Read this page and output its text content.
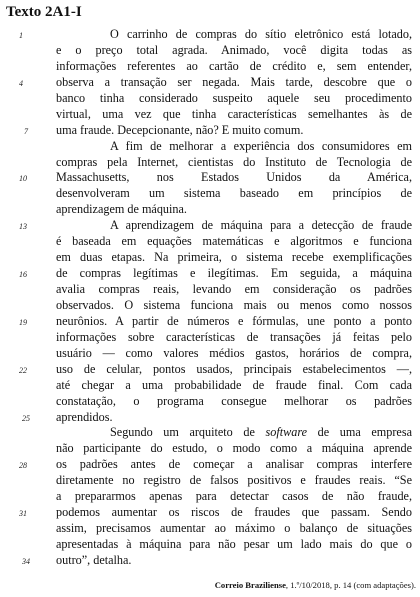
Texto 2A1-I
1	O carrinho de compras do sítio eletrônico está lotado,
e o preço total agrada. Animado, você digita todas as
informações referentes ao cartão de crédito e, sem entender,
4	observa a transação ser negada. Mais tarde, descobre que o
banco tinha considerado suspeito aquele seu procedimento
virtual, uma vez que tinha características semelhantes às de
7	uma fraude. Decepcionante, não? E muito comum.
A fim de melhorar a experiência dos consumidores em
compras pela Internet, cientistas do Instituto de Tecnologia de
10	Massachusetts, nos Estados Unidos da América,
desenvolveram um sistema baseado em princípios de
aprendizagem de máquina.
13	A aprendizagem de máquina para a detecção de fraude
é baseada em equações matemáticas e algoritmos e funciona
em duas etapas. Na primeira, o sistema recebe exemplificações
16	de compras legítimas e ilegítimas. Em seguida, a máquina
avalia compras reais, levando em consideração os padrões
observados. O sistema funciona mais ou menos como nossos
19	neurônios. A partir de números e fórmulas, une ponto a ponto
informações sobre características de transações já feitas pelo
usuário — como valores médios gastos, horários de compra,
22	uso de celular, pontos usados, principais estabelecimentos —,
até chegar a uma probabilidade de fraude final. Com cada
constatação, o programa consegue melhorar os padrões
25 aprendidos.
Segundo um arquiteto de software de uma empresa
não participante do estudo, o modo como a máquina aprende
28	os padrões antes de começar a analisar compras interfere
diretamente no registro de falsos positivos e fraudes reais. “Se
a prepararmos apenas para detectar casos de não fraude,
31	podemos aumentar os riscos de fraudes que passam. Sendo
assim, precisamos aumentar ao máximo o balanço de situações
apresentadas à máquina para não pesar um lado mais do que o
34 outro”, detalha.
Correio Braziliense, 1.º/10/2018, p. 14 (com adaptações).
